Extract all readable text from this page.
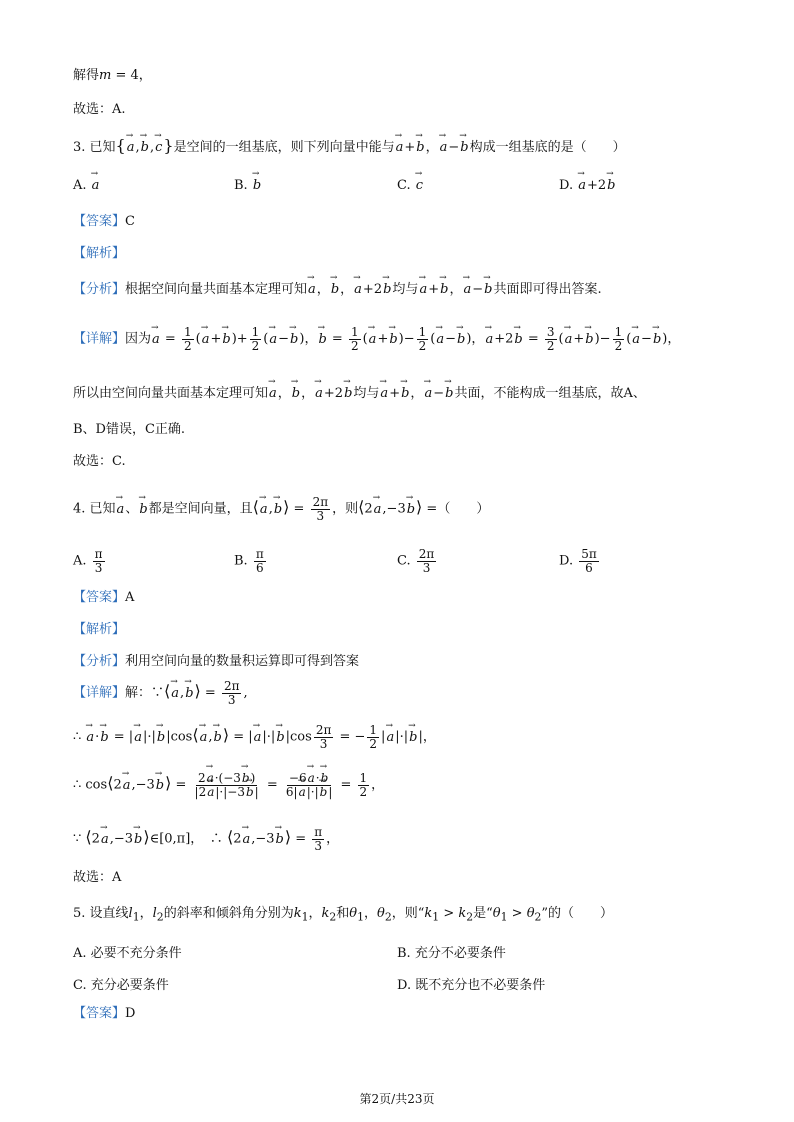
解得m = 4，
故选：A.
3. 已知{→ a,→ b,→ c}是空间的一组基底，则下列向量中能与→ a+→ b，→ a−→ b构成一组基底的是（　　）
A. → a	B. → b	C. → c	D. → a+2→ b
【答案】C
【解析】
【分析】根据空间向量共面基本定理可知→ a，→ b，→ a+2→ b均与→ a+→ b，→ a−→ b共面即可得出答案.
【详解】因为→ $a = \frac{1}{2}$ (→ $a+\to b)+ \frac{1}{2}$ (→ a−→ b)，→ $b = \frac{1}{2}$ (→ $a+\to b)- \frac{1}{2}$ (→ a−→ b)，→ $a+2\to b = \frac{3}{2}$ (→ $a+\to b)- \frac{1}{2}$ (→ a−→ b)，
所以由空间向量共面基本定理可知→ a，→ b，→ a+2→ b均与→ a+→ b，→ a−→ b共面，不能构成一组基底，故A、
B、D错误，C正确.
故选：C.
4. 已知→ a、→ b都是空间向量，且⟨→ a,→ b⟩ = $\frac{2\pi}{3}$ ，则⟨2→ a,−3→ b⟩ =（　　）
A. $\frac{\pi}{3}$	B. $\frac{\pi}{6}$	C. $\frac{2\pi}{3}$	D. $\frac{5\pi}{6}$
【答案】A
【解析】
【分析】利用空间向量的数量积运算即可得到答案
【详解】解：∵⟨→ a,→ b⟩ = $\frac{2\pi}{3}$ ,
∴ → a·→ b = |→ a|·|→ b|cos⟨→ a,→ b⟩ = |→ $a|\cdot|\to b|\cos \frac{2\pi}{3}$ = − $\frac{1}{2}$ |→ a|·|→ b|，
∴ cos⟨2→ a,−3→ b⟩ = $\frac{2\to a\cdot(-3\to b)}{|2\to a|\cdot|-3\to b|} = \frac{-6\to a\cdot\to b}{6|\to a|\cdot|\to b|} = \frac{1}{2}$ ，
∵ ⟨2→ a,−3→ b⟩∈[0,π]，　∴ ⟨2→ a,−3→ b⟩ = $\frac{\pi}{3}$ ，
故选：A
5. 设直线$l_1$，$l_2$的斜率和倾斜角分别为$k_1$，$k_2$和$\theta_1$，$\theta_2$，则“$k_1 > k_2$是“$\theta_1 > \theta_2$”的（　　）
A. 必要不充分条件	B. 充分不必要条件
C. 充分必要条件	D. 既不充分也不必要条件
【答案】D
第2页/共23页
